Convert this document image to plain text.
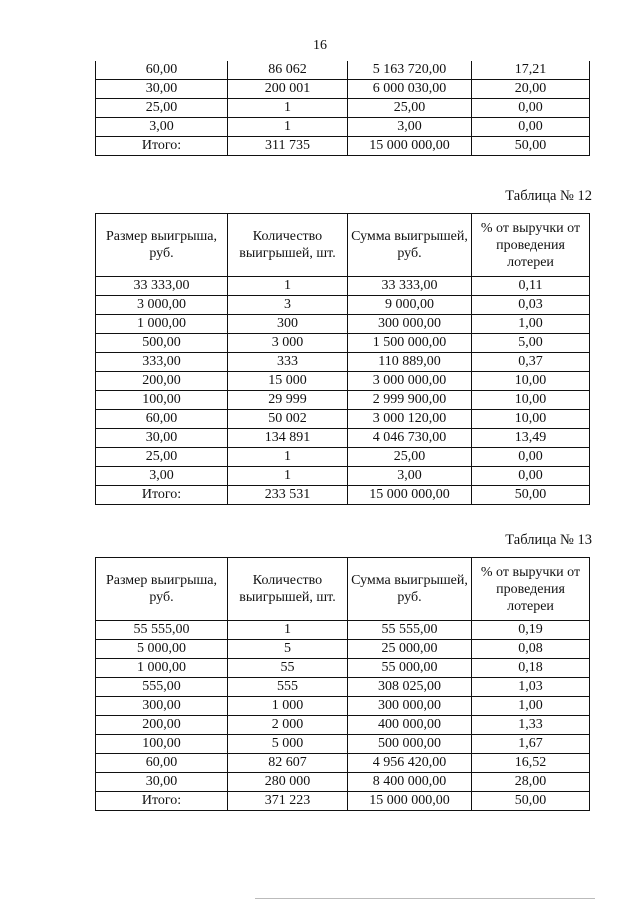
16
60,00	86 062	5 163 720,00	17,21
30,00	200 001	6 000 030,00	20,00
25,00	1	25,00	0,00
3,00	1	3,00	0,00
Итого:	311 735	15 000 000,00	50,00
Таблица № 12
Размер выигрыша, руб.	Количество выигрышей, шт.	Сумма выигрышей, руб.	% от выручки от проведения лотереи
33 333,00	1	33 333,00	0,11
3 000,00	3	9 000,00	0,03
1 000,00	300	300 000,00	1,00
500,00	3 000	1 500 000,00	5,00
333,00	333	110 889,00	0,37
200,00	15 000	3 000 000,00	10,00
100,00	29 999	2 999 900,00	10,00
60,00	50 002	3 000 120,00	10,00
30,00	134 891	4 046 730,00	13,49
25,00	1	25,00	0,00
3,00	1	3,00	0,00
Итого:	233 531	15 000 000,00	50,00
Таблица № 13
Размер выигрыша, руб.	Количество выигрышей, шт.	Сумма выигрышей, руб.	% от выручки от проведения лотереи
55 555,00	1	55 555,00	0,19
5 000,00	5	25 000,00	0,08
1 000,00	55	55 000,00	0,18
555,00	555	308 025,00	1,03
300,00	1 000	300 000,00	1,00
200,00	2 000	400 000,00	1,33
100,00	5 000	500 000,00	1,67
60,00	82 607	4 956 420,00	16,52
30,00	280 000	8 400 000,00	28,00
Итого:	371 223	15 000 000,00	50,00
